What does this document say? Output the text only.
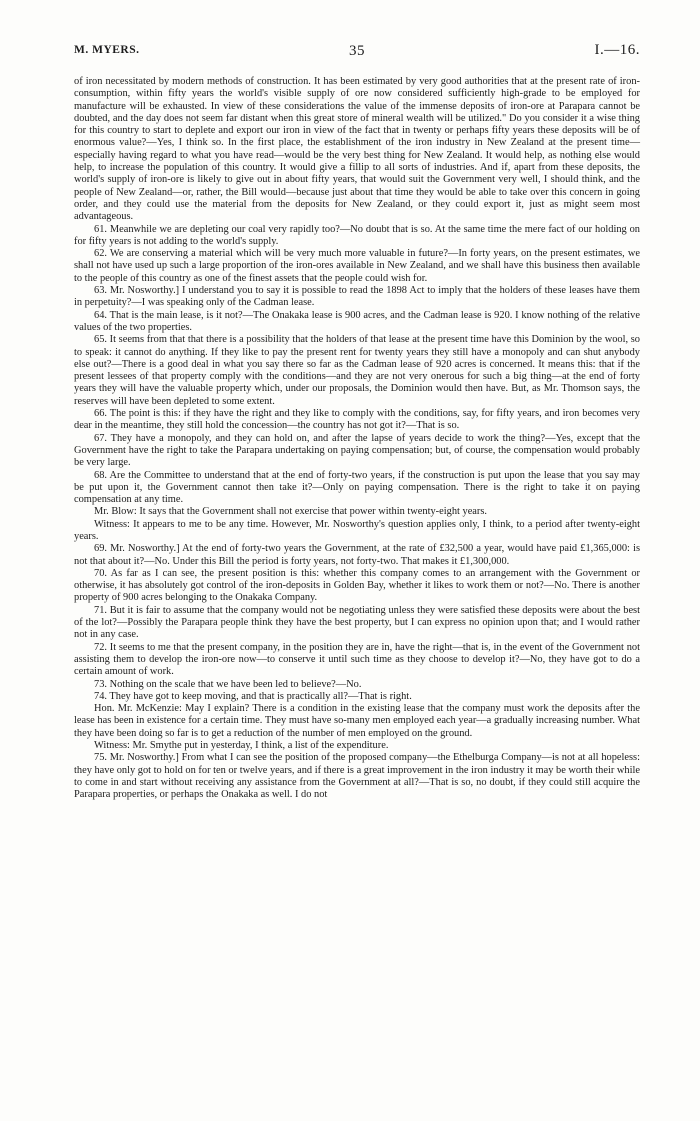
M. MYERS.	35	I.—16.

of iron necessitated by modern methods of construction. It has been estimated by very good authorities that at the present rate of iron-consumption, within fifty years the world's visible supply of ore now considered sufficiently high-grade to be employed for manufacture will be exhausted. In view of these considerations the value of the immense deposits of iron-ore at Parapara cannot be doubted, and the day does not seem far distant when this great store of mineral wealth will be utilized." Do you consider it a wise thing for this country to start to deplete and export our iron in view of the fact that in twenty or perhaps fifty years these deposits will be of enormous value?—Yes, I think so. In the first place, the establishment of the iron industry in New Zealand at the present time—especially having regard to what you have read—would be the very best thing for New Zealand. It would help, as nothing else would help, to increase the population of this country. It would give a fillip to all sorts of industries. And if, apart from these deposits, the world's supply of iron-ore is likely to give out in about fifty years, that would suit the Government very well, I should think, and the people of New Zealand—or, rather, the Bill would—because just about that time they would be able to take over this concern in going order, and they could use the material from the deposits for New Zealand, or they could export it, just as might seem most advantageous.

61. Meanwhile we are depleting our coal very rapidly too?—No doubt that is so. At the same time the mere fact of our holding on for fifty years is not adding to the world's supply.

62. We are conserving a material which will be very much more valuable in future?—In forty years, on the present estimates, we shall not have used up such a large proportion of the iron-ores available in New Zealand, and we shall have this business then available to the people of this country as one of the finest assets that the people could wish for.

63. Mr. Nosworthy.] I understand you to say it is possible to read the 1898 Act to imply that the holders of these leases have them in perpetuity?—I was speaking only of the Cadman lease.

64. That is the main lease, is it not?—The Onakaka lease is 900 acres, and the Cadman lease is 920. I know nothing of the relative values of the two properties.

65. It seems from that that there is a possibility that the holders of that lease at the present time have this Dominion by the wool, so to speak: it cannot do anything. If they like to pay the present rent for twenty years they still have a monopoly and can shut anybody else out?—There is a good deal in what you say there so far as the Cadman lease of 920 acres is concerned. It means this: that if the present lessees of that property comply with the conditions—and they are not very onerous for such a big thing—at the end of forty years they will have the valuable property which, under our proposals, the Dominion would then have. But, as Mr. Thomson says, the reserves will have been depleted to some extent.

66. The point is this: if they have the right and they like to comply with the conditions, say, for fifty years, and iron becomes very dear in the meantime, they still hold the concession—the country has not got it?—That is so.

67. They have a monopoly, and they can hold on, and after the lapse of years decide to work the thing?—Yes, except that the Government have the right to take the Parapara undertaking on paying compensation; but, of course, the compensation would probably be very large.

68. Are the Committee to understand that at the end of forty-two years, if the construction is put upon the lease that you say may be put upon it, the Government cannot then take it?—Only on paying compensation. There is the right to take it on paying compensation at any time.

Mr. Blow: It says that the Government shall not exercise that power within twenty-eight years.

Witness: It appears to me to be any time. However, Mr. Nosworthy's question applies only, I think, to a period after twenty-eight years.

69. Mr. Nosworthy.] At the end of forty-two years the Government, at the rate of £32,500 a year, would have paid £1,365,000: is not that about it?—No. Under this Bill the period is forty years, not forty-two. That makes it £1,300,000.

70. As far as I can see, the present position is this: whether this company comes to an arrangement with the Government or otherwise, it has absolutely got control of the iron-deposits in Golden Bay, whether it likes to work them or not?—No. There is another property of 900 acres belonging to the Onakaka Company.

71. But it is fair to assume that the company would not be negotiating unless they were satisfied these deposits were about the best of the lot?—Possibly the Parapara people think they have the best property, but I can express no opinion upon that; and I would rather not in any case.

72. It seems to me that the present company, in the position they are in, have the right—that is, in the event of the Government not assisting them to develop the iron-ore now—to conserve it until such time as they choose to develop it?—No, they have got to do a certain amount of work.

73. Nothing on the scale that we have been led to believe?—No.

74. They have got to keep moving, and that is practically all?—That is right.

Hon. Mr. McKenzie: May I explain? There is a condition in the existing lease that the company must work the deposits after the lease has been in existence for a certain time. They must have so-many men employed each year—a gradually increasing number. What they have been doing so far is to get a reduction of the number of men employed on the ground.

Witness: Mr. Smythe put in yesterday, I think, a list of the expenditure.

75. Mr. Nosworthy.] From what I can see the position of the proposed company—the Ethelburga Company—is not at all hopeless: they have only got to hold on for ten or twelve years, and if there is a great improvement in the iron industry it may be worth their while to come in and start without receiving any assistance from the Government at all?—That is so, no doubt, if they could still acquire the Parapara properties, or perhaps the Onakaka as well. I do not
